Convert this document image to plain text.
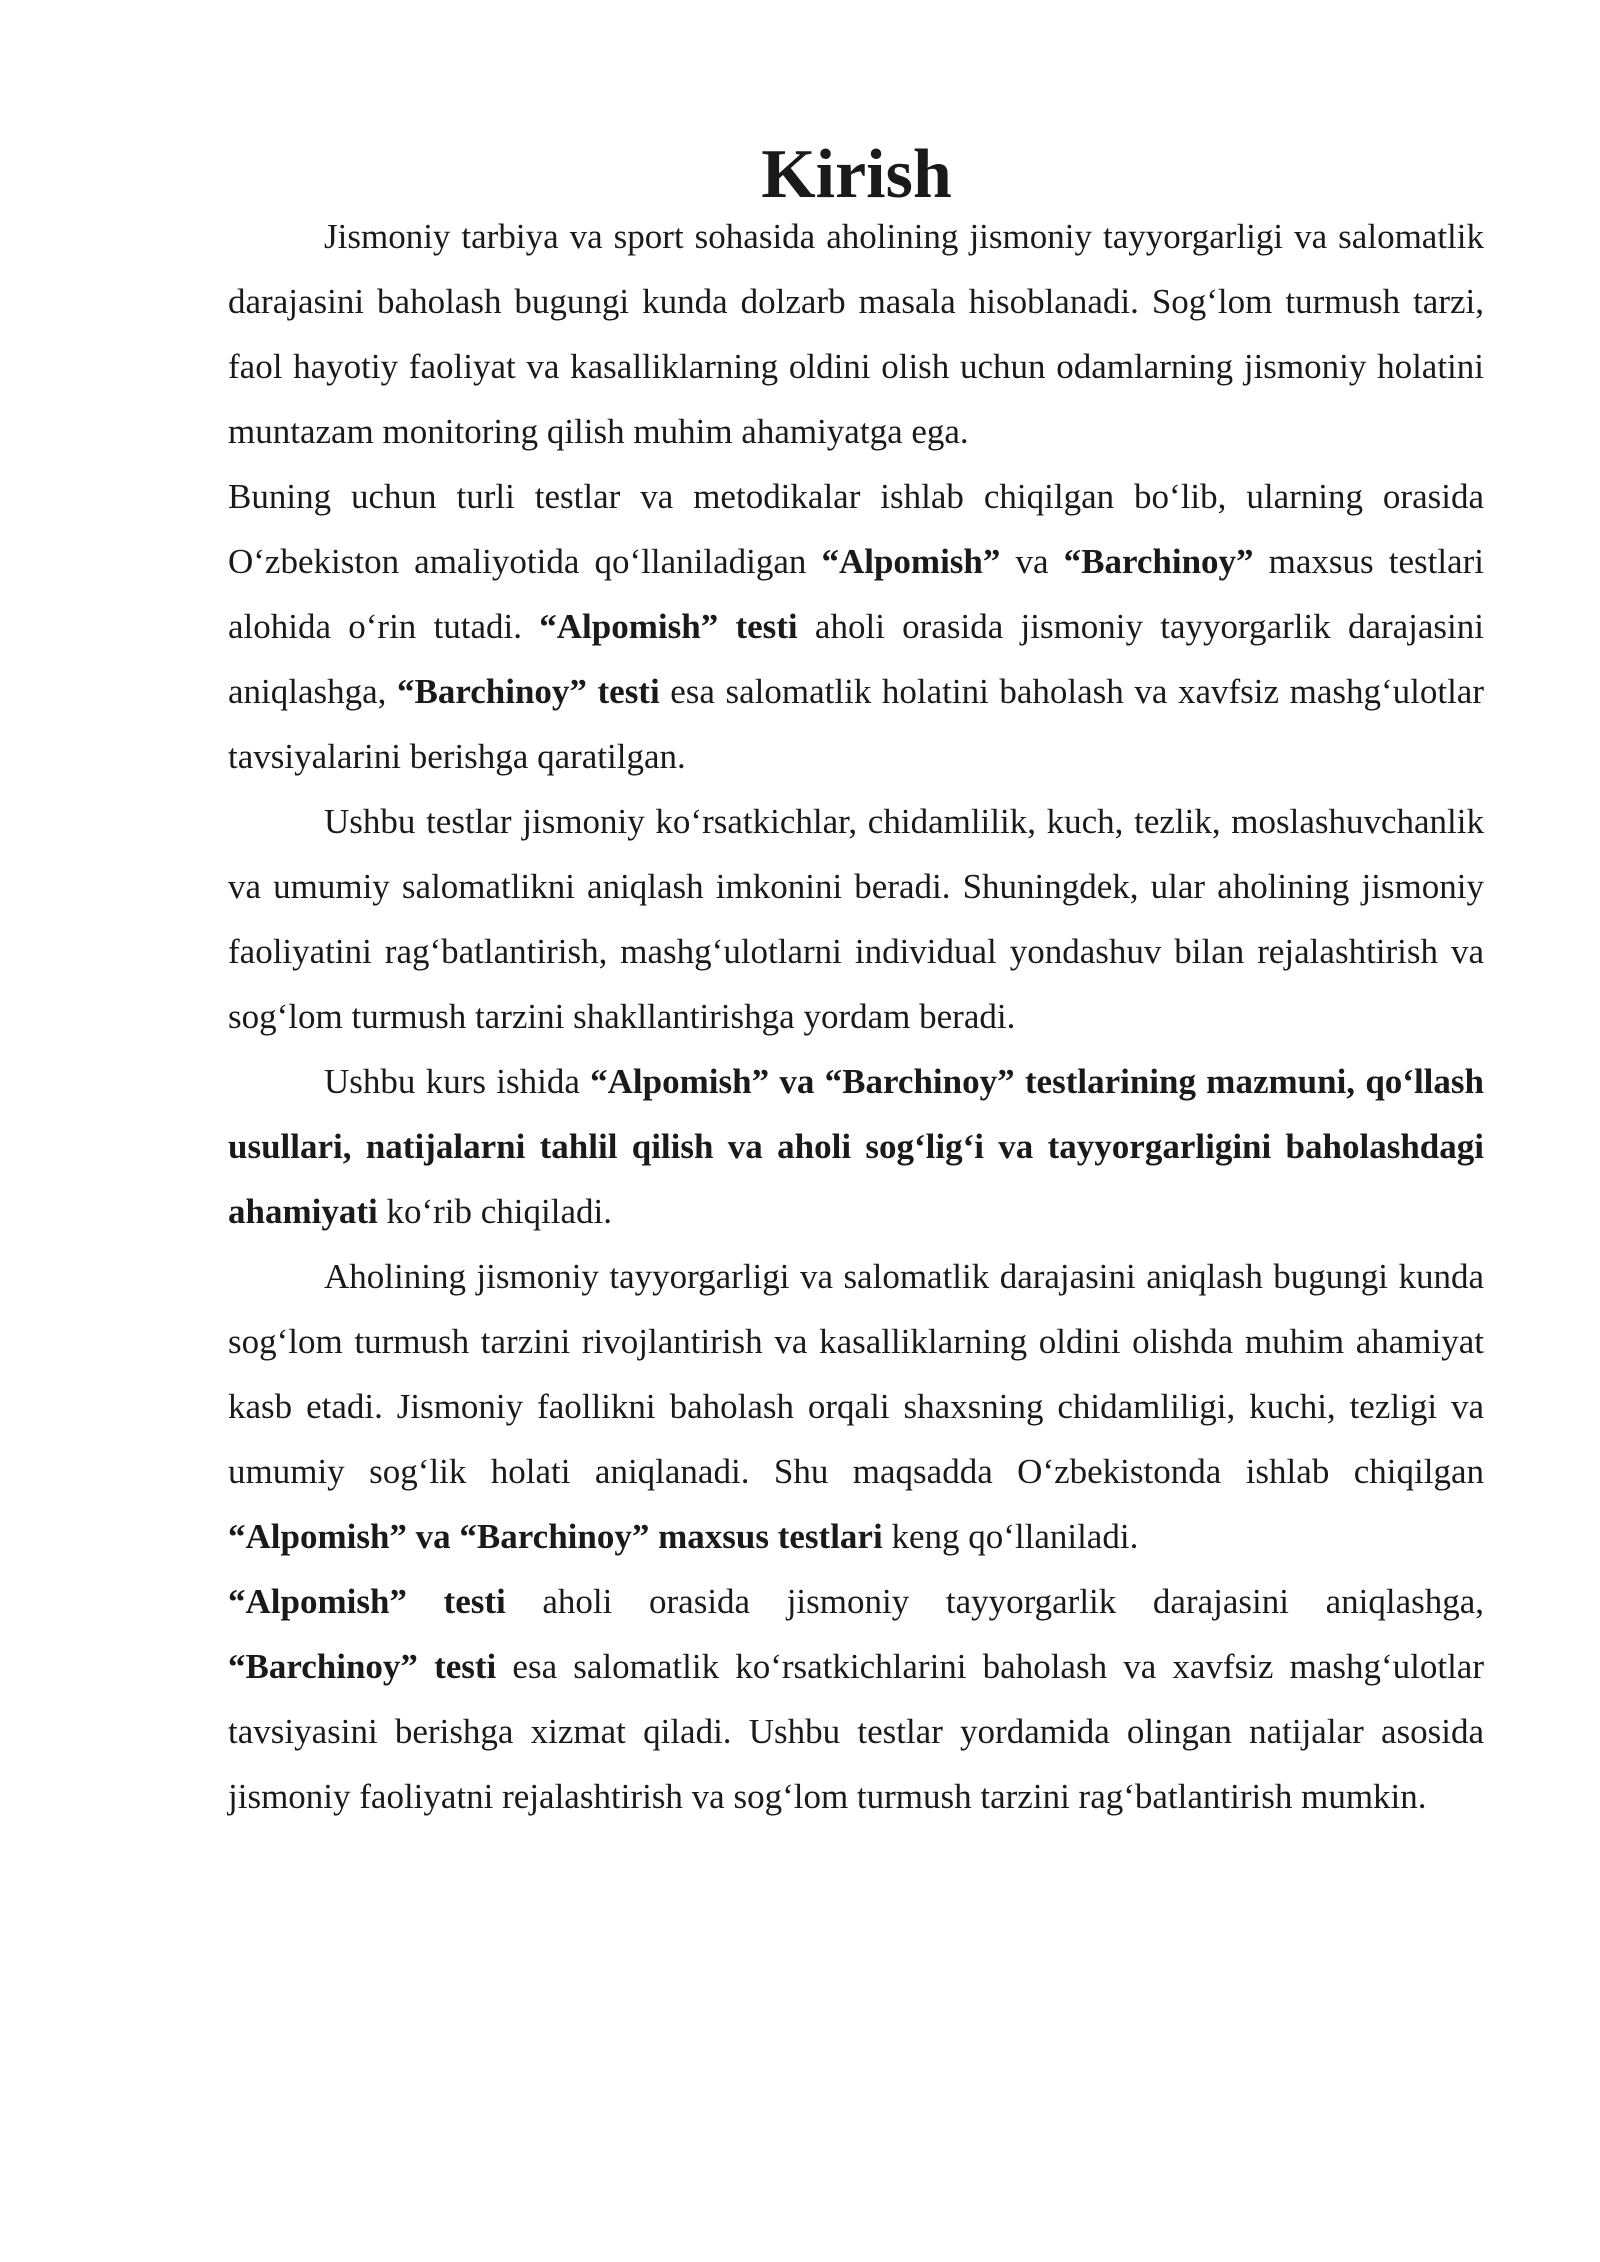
Kirish

Jismoniy tarbiya va sport sohasida aholining jismoniy tayyorgarligi va salomatlik darajasini baholash bugungi kunda dolzarb masala hisoblanadi. Sog‘lom turmush tarzi, faol hayotiy faoliyat va kasalliklarning oldini olish uchun odamlarning jismoniy holatini muntazam monitoring qilish muhim ahamiyatga ega.

Buning uchun turli testlar va metodikalar ishlab chiqilgan bo‘lib, ularning orasida O‘zbekiston amaliyotida qo‘llaniladigan “Alpomish” va “Barchinoy” maxsus testlari alohida o‘rin tutadi. “Alpomish” testi aholi orasida jismoniy tayyorgarlik darajasini aniqlashga, “Barchinoy” testi esa salomatlik holatini baholash va xavfsiz mashg‘ulotlar tavsiyalarini berishga qaratilgan.

Ushbu testlar jismoniy ko‘rsatkichlar, chidamlilik, kuch, tezlik, moslashuvchanlik va umumiy salomatlikni aniqlash imkonini beradi. Shuningdek, ular aholining jismoniy faoliyatini rag‘batlantirish, mashg‘ulotlarni individual yondashuv bilan rejalashtirish va sog‘lom turmush tarzini shakllantirishga yordam beradi.

Ushbu kurs ishida “Alpomish” va “Barchinoy” testlarining mazmuni, qo‘llash usullari, natijalarni tahlil qilish va aholi sog‘lig‘i va tayyorgarligini baholashdagi ahamiyati ko‘rib chiqiladi.

Aholining jismoniy tayyorgarligi va salomatlik darajasini aniqlash bugungi kunda sog‘lom turmush tarzini rivojlantirish va kasalliklarning oldini olishda muhim ahamiyat kasb etadi. Jismoniy faollikni baholash orqali shaxsning chidamliligi, kuchi, tezligi va umumiy sog‘lik holati aniqlanadi. Shu maqsadda O‘zbekistonda ishlab chiqilgan “Alpomish” va “Barchinoy” maxsus testlari keng qo‘llaniladi.

“Alpomish” testi aholi orasida jismoniy tayyorgarlik darajasini aniqlashga, “Barchinoy” testi esa salomatlik ko‘rsatkichlarini baholash va xavfsiz mashg‘ulotlar tavsiyasini berishga xizmat qiladi. Ushbu testlar yordamida olingan natijalar asosida jismoniy faoliyatni rejalashtirish va sog‘lom turmush tarzini rag‘batlantirish mumkin.
